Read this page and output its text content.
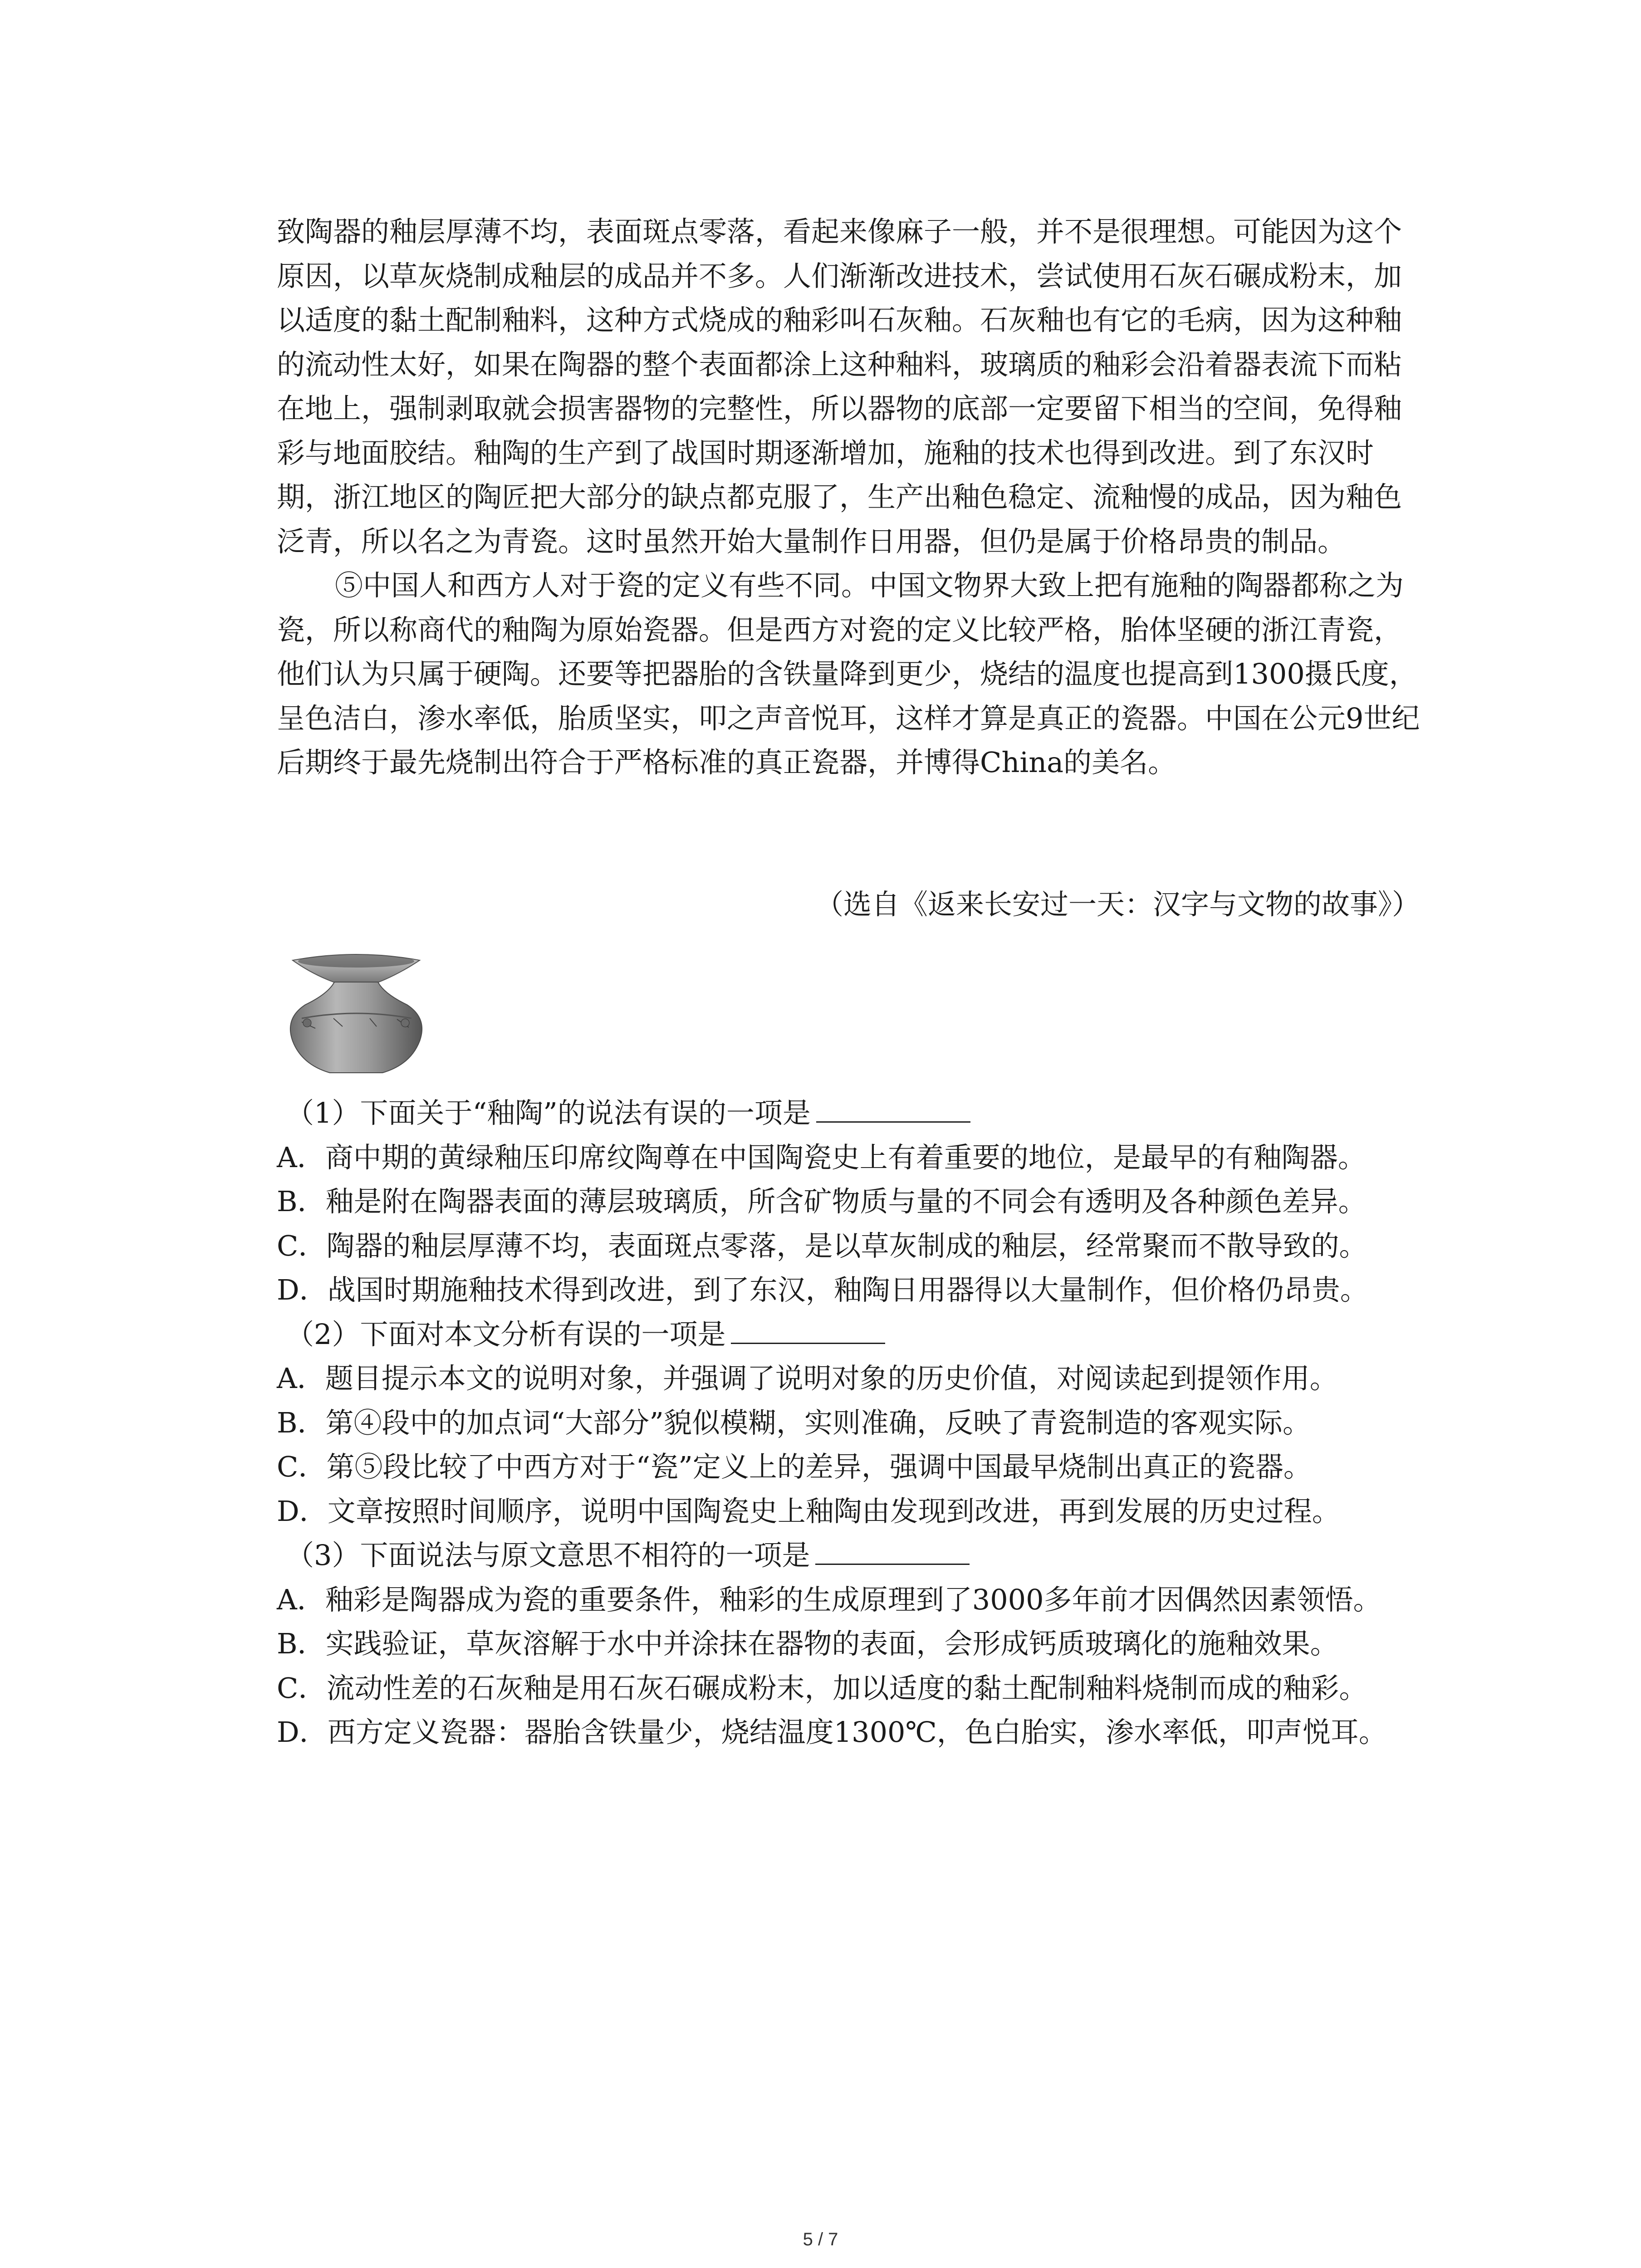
致陶器的釉层厚薄不均，表面斑点零落，看起来像麻子一般，并不是很理想。可能因为这个原因，以草灰烧制成釉层的成品并不多。人们渐渐改进技术，尝试使用石灰石碾成粉末，加以适度的黏土配制釉料，这种方式烧成的釉彩叫石灰釉。石灰釉也有它的毛病，因为这种釉的流动性太好，如果在陶器的整个表面都涂上这种釉料，玻璃质的釉彩会沿着器表流下而粘在地上，强制剥取就会损害器物的完整性，所以器物的底部一定要留下相当的空间，免得釉彩与地面胶结。釉陶的生产到了战国时期逐渐增加，施釉的技术也得到改进。到了东汉时期，浙江地区的陶匠把大部分的缺点都克服了，生产出釉色稳定、流釉慢的成品，因为釉色泛青，所以名之为青瓷。这时虽然开始大量制作日用器，但仍是属于价格昂贵的制品。

⑤中国人和西方人对于瓷的定义有些不同。中国文物界大致上把有施釉的陶器都称之为瓷，所以称商代的釉陶为原始瓷器。但是西方对瓷的定义比较严格，胎体坚硬的浙江青瓷，他们认为只属于硬陶。还要等把器胎的含铁量降到更少，烧结的温度也提高到1300摄氏度，呈色洁白，渗水率低，胎质坚实，叩之声音悦耳，这样才算是真正的瓷器。中国在公元9世纪后期终于最先烧制出符合于严格标准的真正瓷器，并博得China的美名。

（选自《返来长安过一天：汉字与文物的故事》）

（1）下面关于“釉陶”的说法有误的一项是

A．商中期的黄绿釉压印席纹陶尊在中国陶瓷史上有着重要的地位，是最早的有釉陶器。

B．釉是附在陶器表面的薄层玻璃质，所含矿物质与量的不同会有透明及各种颜色差异。

C．陶器的釉层厚薄不均，表面斑点零落，是以草灰制成的釉层，经常聚而不散导致的。

D．战国时期施釉技术得到改进，到了东汉，釉陶日用器得以大量制作，但价格仍昂贵。

（2）下面对本文分析有误的一项是

A．题目提示本文的说明对象，并强调了说明对象的历史价值，对阅读起到提领作用。

B．第④段中的加点词“大部分”貌似模糊，实则准确，反映了青瓷制造的客观实际。

C．第⑤段比较了中西方对于“瓷”定义上的差异，强调中国最早烧制出真正的瓷器。

D．文章按照时间顺序，说明中国陶瓷史上釉陶由发现到改进，再到发展的历史过程。

（3）下面说法与原文意思不相符的一项是

A．釉彩是陶器成为瓷的重要条件，釉彩的生成原理到了3000多年前才因偶然因素领悟。

B．实践验证，草灰溶解于水中并涂抹在器物的表面，会形成钙质玻璃化的施釉效果。

C．流动性差的石灰釉是用石灰石碾成粉末，加以适度的黏土配制釉料烧制而成的釉彩。

D．西方定义瓷器：器胎含铁量少，烧结温度1300℃，色白胎实，渗水率低，叩声悦耳。

5 / 7
